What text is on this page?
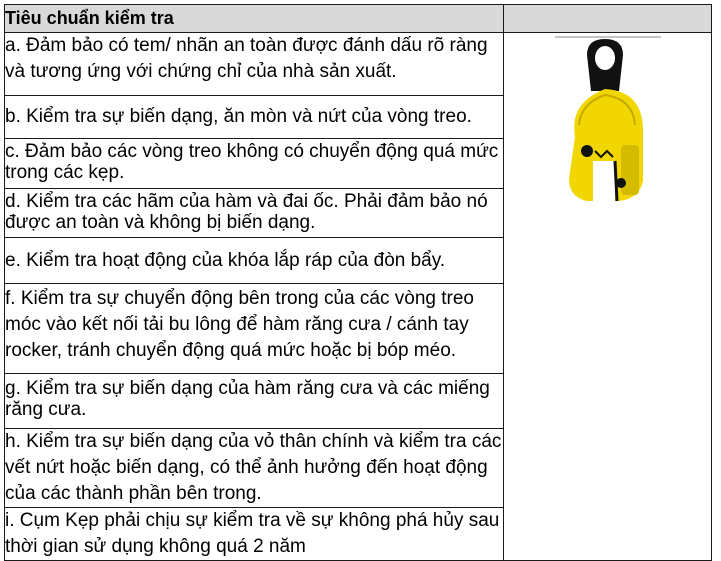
Tiêu chuẩn kiểm tra	
a. Đảm bảo có tem/ nhãn an toàn được đánh dấu rõ ràng và tương ứng với chứng chỉ của nhà sản xuất.	

b. Kiểm tra sự biến dạng, ăn mòn và nứt của vòng treo.	
c. Đảm bảo các vòng treo không có chuyển động quá mức trong các kẹp.	
d. Kiểm tra các hãm của hàm và đai ốc. Phải đảm bảo nó được an toàn và không bị biến dạng.	
e. Kiểm tra hoạt động của khóa lắp ráp của đòn bẩy.	
f. Kiểm tra sự chuyển động bên trong của các vòng treo móc vào kết nối tải bu lông để hàm răng cưa / cánh tay rocker, tránh chuyển động quá mức hoặc bị bóp méo.	
g. Kiểm tra sự biến dạng của hàm răng cưa và các miếng răng cưa.	
h. Kiểm tra sự biến dạng của vỏ thân chính và kiểm tra các vết nứt hoặc biến dạng, có thể ảnh hưởng đến hoạt động của các thành phần bên trong.	
i. Cụm Kẹp phải chịu sự kiểm tra về sự không phá hủy sau thời gian sử dụng không quá 2 năm	
